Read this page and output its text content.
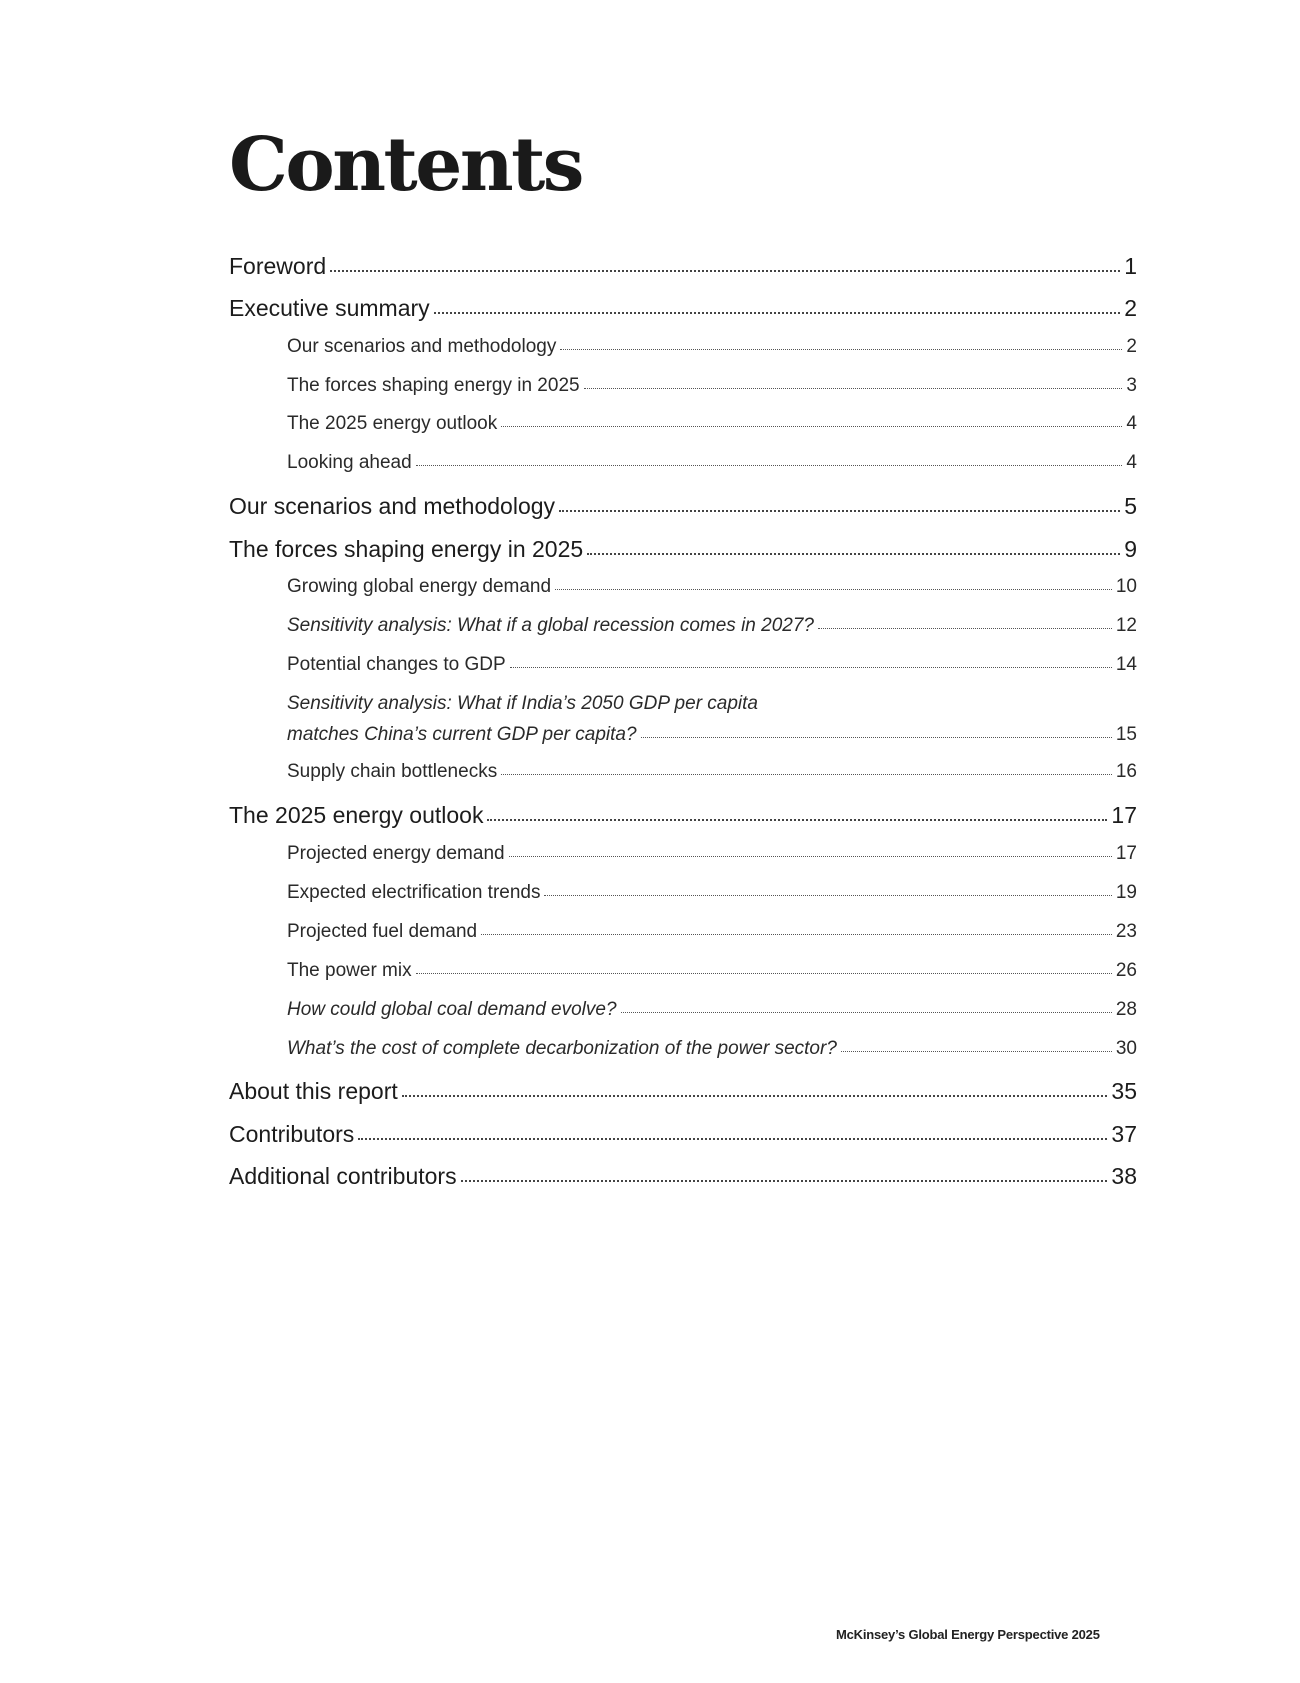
Contents
Foreword	1
Executive summary	2
Our scenarios and methodology	2
The forces shaping energy in 2025	3
The 2025 energy outlook	4
Looking ahead	4
Our scenarios and methodology	5
The forces shaping energy in 2025	9
Growing global energy demand	10
Sensitivity analysis: What if a global recession comes in 2027?	12
Potential changes to GDP	14
Sensitivity analysis: What if India’s 2050 GDP per capita
matches China’s current GDP per capita?	15
Supply chain bottlenecks	16
The 2025 energy outlook	17
Projected energy demand	17
Expected electrification trends	19
Projected fuel demand	23
The power mix	26
How could global coal demand evolve?	28
What’s the cost of complete decarbonization of the power sector?	30
About this report	35
Contributors	37
Additional contributors	38
McKinsey’s Global Energy Perspective 2025
